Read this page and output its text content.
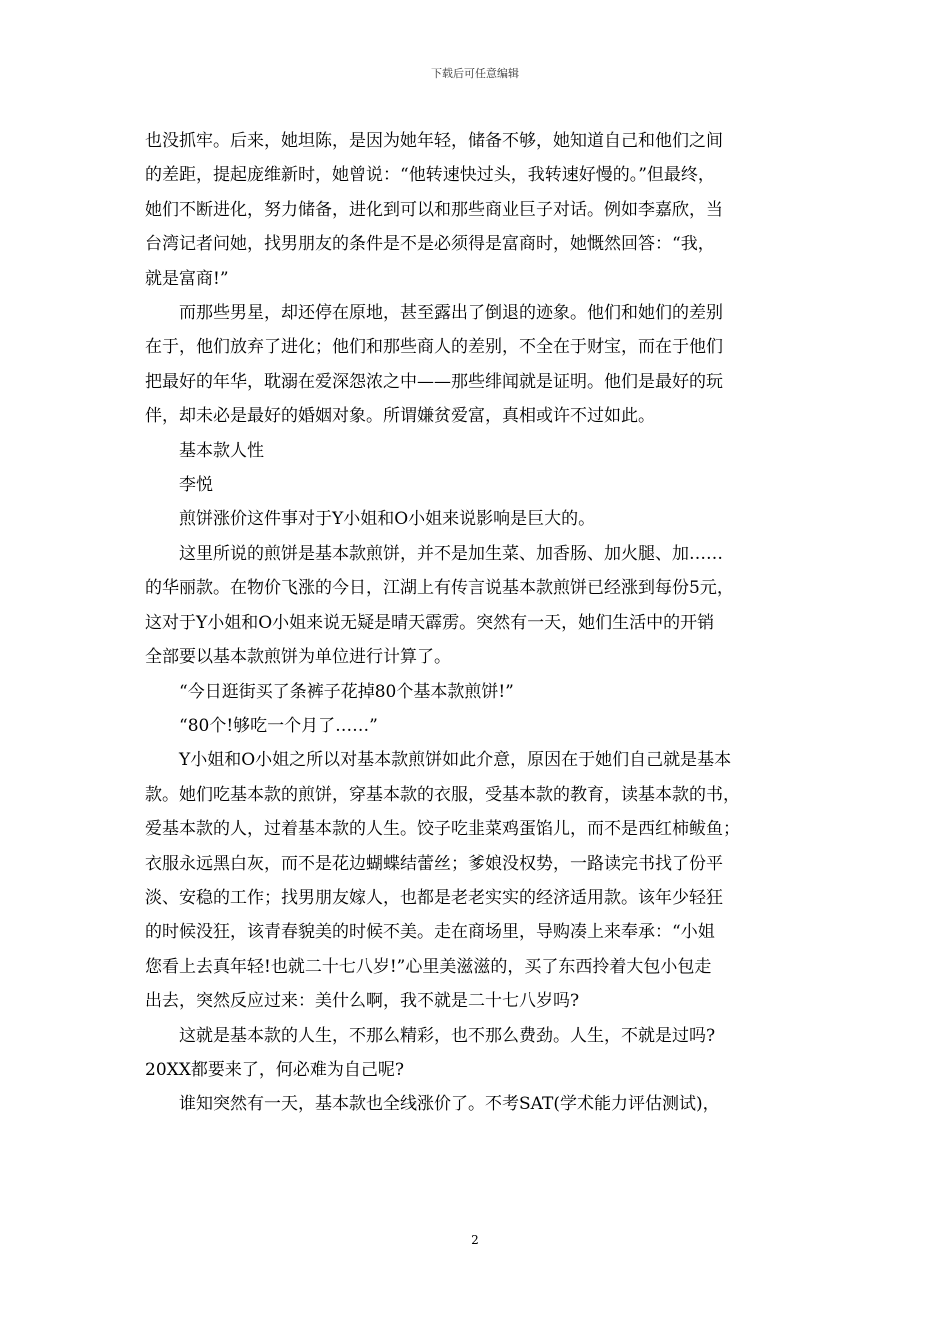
下载后可任意编辑

也没抓牢。后来，她坦陈，是因为她年轻，储备不够，她知道自己和他们之间
的差距，提起庞维新时，她曾说：“他转速快过头，我转速好慢的。”但最终，
她们不断进化，努力储备，进化到可以和那些商业巨子对话。例如李嘉欣，当
台湾记者问她，找男朋友的条件是不是必须得是富商时，她慨然回答：“我，
就是富商!”

而那些男星，却还停在原地，甚至露出了倒退的迹象。他们和她们的差别
在于，他们放弃了进化；他们和那些商人的差别，不全在于财宝，而在于他们
把最好的年华，耽溺在爱深怨浓之中——那些绯闻就是证明。他们是最好的玩
伴，却未必是最好的婚姻对象。所谓嫌贫爱富，真相或许不过如此。

基本款人性

李悦

煎饼涨价这件事对于Y小姐和O小姐来说影响是巨大的。

这里所说的煎饼是基本款煎饼，并不是加生菜、加香肠、加火腿、加……
的华丽款。在物价飞涨的今日，江湖上有传言说基本款煎饼已经涨到每份5元，
这对于Y小姐和O小姐来说无疑是晴天霹雳。突然有一天，她们生活中的开销
全部要以基本款煎饼为单位进行计算了。

“今日逛街买了条裤子花掉80个基本款煎饼!”

“80个!够吃一个月了……”

Y小姐和O小姐之所以对基本款煎饼如此介意，原因在于她们自己就是基本
款。她们吃基本款的煎饼，穿基本款的衣服，受基本款的教育，读基本款的书，
爱基本款的人，过着基本款的人生。饺子吃韭菜鸡蛋馅儿，而不是西红柿鲅鱼；
衣服永远黑白灰，而不是花边蝴蝶结蕾丝；爹娘没权势，一路读完书找了份平
淡、安稳的工作；找男朋友嫁人，也都是老老实实的经济适用款。该年少轻狂
的时候没狂，该青春貌美的时候不美。走在商场里，导购凑上来奉承：“小姐
您看上去真年轻!也就二十七八岁!”心里美滋滋的，买了东西拎着大包小包走
出去，突然反应过来：美什么啊，我不就是二十七八岁吗?

这就是基本款的人生，不那么精彩，也不那么费劲。人生，不就是过吗?
20XX都要来了，何必难为自己呢?

谁知突然有一天，基本款也全线涨价了。不考SAT(学术能力评估测试)，

2
